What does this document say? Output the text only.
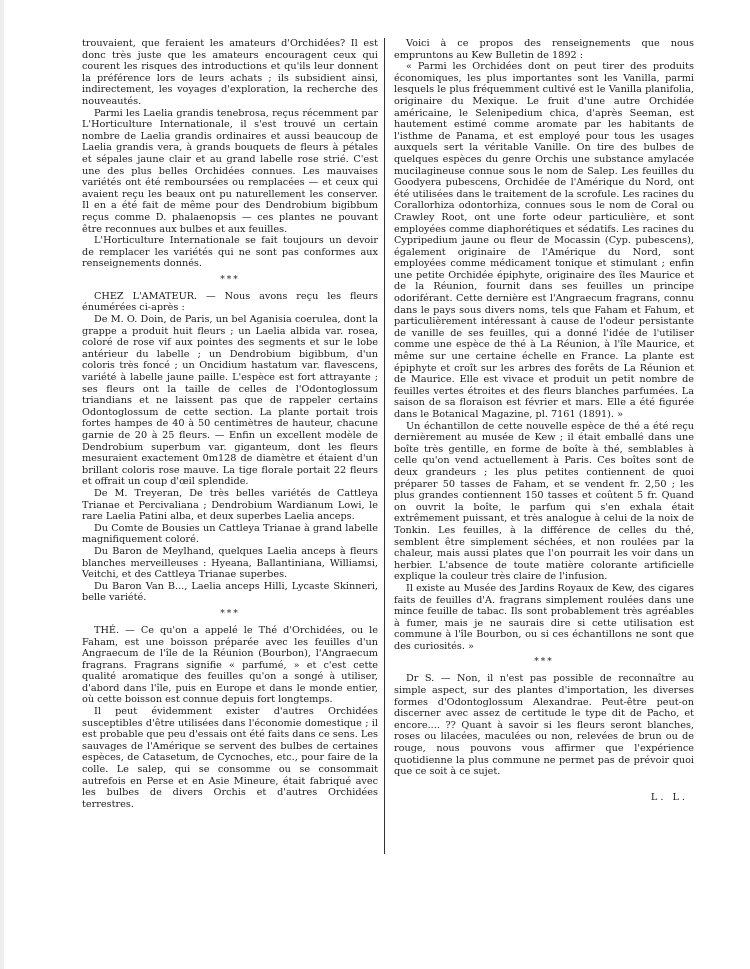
trouvaient, que feraient les amateurs d'Orchidées? Il est donc très juste que les amateurs encouragent ceux qui courent les risques des introductions et qu'ils leur donnent la préférence lors de leurs achats ; ils subsidient ainsi, indirectement, les voyages d'exploration, la recherche des nouveautés.

Parmi les Laelia grandis tenebrosa, reçus récemment par L'Horticulture Internationale, il s'est trouvé un certain nombre de Laelia grandis ordinaires et aussi beaucoup de Laelia grandis vera, à grands bouquets de fleurs à pétales et sépales jaune clair et au grand labelle rose strié. C'est une des plus belles Orchidées connues. Les mauvaises variétés ont été remboursées ou remplacées — et ceux qui avaient reçu les beaux ont pu naturellement les conserver. Il en a été fait de même pour des Dendrobium bigibbum reçus comme D. phalaenopsis — ces plantes ne pouvant être reconnues aux bulbes et aux feuilles.

L'Horticulture Internationale se fait toujours un devoir de remplacer les variétés qui ne sont pas conformes aux renseignements donnés.

***

CHEZ L'AMATEUR. — Nous avons reçu les fleurs énumérées ci-après :

De M. O. Doin, de Paris, un bel Aganisia coerulea, dont la grappe a produit huit fleurs ; un Laelia albida var. rosea, coloré de rose vif aux pointes des segments et sur le lobe antérieur du labelle ; un Dendrobium bigibbum, d'un coloris très foncé ; un Oncidium hastatum var. flavescens, variété à labelle jaune paille. L'espèce est fort attrayante ; ses fleurs ont la taille de celles de l'Odontoglossum triandians et ne laissent pas que de rappeler certains Odontoglossum de cette section. La plante portait trois fortes hampes de 40 à 50 centimètres de hauteur, chacune garnie de 20 à 25 fleurs. — Enfin un excellent modèle de Dendrobium superbum var. giganteum, dont les fleurs mesuraient exactement 0m128 de diamètre et étaient d'un brillant coloris rose mauve. La tige florale portait 22 fleurs et offrait un coup d'œil splendide.

De M. Treyeran, De très belles variétés de Cattleya Trianae et Percivaliana ; Dendrobium Wardianum Lowi, le rare Laelia Patini alba, et deux superbes Laelia anceps.

Du Comte de Bousies un Cattleya Trianae à grand labelle magnifiquement coloré.

Du Baron de Meylhand, quelques Laelia anceps à fleurs blanches merveilleuses : Hyeana, Ballantiniana, Williamsi, Veitchi, et des Cattleya Trianae superbes.

Du Baron Van B..., Laelia anceps Hilli, Lycaste Skinneri, belle variété.

***

THÉ. — Ce qu'on a appelé le Thé d'Orchidées, ou le Faham, est une boisson préparée avec les feuilles d'un Angraecum de l'île de la Réunion (Bourbon), l'Angraecum fragrans. Fragrans signifie « parfumé, » et c'est cette qualité aromatique des feuilles qu'on a songé à utiliser, d'abord dans l'île, puis en Europe et dans le monde entier, où cette boisson est connue depuis fort longtemps.

Il peut évidemment exister d'autres Orchidées susceptibles d'être utilisées dans l'économie domestique ; il est probable que peu d'essais ont été faits dans ce sens. Les sauvages de l'Amérique se servent des bulbes de certaines espèces, de Catasetum, de Cycnoches, etc., pour faire de la colle. Le salep, qui se consomme ou se consommait autrefois en Perse et en Asie Mineure, était fabriqué avec les bulbes de divers Orchis et d'autres Orchidées terrestres.

Voici à ce propos des renseignements que nous empruntons au Kew Bulletin de 1892 :

« Parmi les Orchidées dont on peut tirer des produits économiques, les plus importantes sont les Vanilla, parmi lesquels le plus fréquemment cultivé est le Vanilla planifolia, originaire du Mexique. Le fruit d'une autre Orchidée américaine, le Selenipedium chica, d'après Seeman, est hautement estimé comme aromate par les habitants de l'isthme de Panama, et est employé pour tous les usages auxquels sert la véritable Vanille. On tire des bulbes de quelques espèces du genre Orchis une substance amylacée mucilagineuse connue sous le nom de Salep. Les feuilles du Goodyera pubescens, Orchidée de l'Amérique du Nord, ont été utilisées dans le traitement de la scrofule. Les racines du Corallorhiza odontorhiza, connues sous le nom de Coral ou Crawley Root, ont une forte odeur particulière, et sont employées comme diaphorétiques et sédatifs. Les racines du Cypripedium jaune ou fleur de Mocassin (Cyp. pubescens), également originaire de l'Amérique du Nord, sont employées comme médicament tonique et stimulant ; enfin une petite Orchidée épiphyte, originaire des îles Maurice et de la Réunion, fournit dans ses feuilles un principe odoriférant. Cette dernière est l'Angraecum fragrans, connu dans le pays sous divers noms, tels que Faham et Fahum, et particulièrement intéressant à cause de l'odeur persistante de vanille de ses feuilles, qui a donné l'idée de l'utiliser comme une espèce de thé à La Réunion, à l'île Maurice, et même sur une certaine échelle en France. La plante est épiphyte et croît sur les arbres des forêts de La Réunion et de Maurice. Elle est vivace et produit un petit nombre de feuilles vertes étroites et des fleurs blanches parfumées. La saison de sa floraison est février et mars. Elle a été figurée dans le Botanical Magazine, pl. 7161 (1891). »

Un échantillon de cette nouvelle espèce de thé a été reçu dernièrement au musée de Kew ; il était emballé dans une boîte très gentille, en forme de boîte à thé, semblables à celle qu'on vend actuellement à Paris. Ces boîtes sont de deux grandeurs ; les plus petites contiennent de quoi préparer 50 tasses de Faham, et se vendent fr. 2,50 ; les plus grandes contiennent 150 tasses et coûtent 5 fr. Quand on ouvrit la boîte, le parfum qui s'en exhala était extrêmement puissant, et très analogue à celui de la noix de Tonkin. Les feuilles, à la différence de celles du thé, semblent être simplement séchées, et non roulées par la chaleur, mais aussi plates que l'on pourrait les voir dans un herbier. L'absence de toute matière colorante artificielle explique la couleur très claire de l'infusion.

Il existe au Musée des Jardins Royaux de Kew, des cigares faits de feuilles d'A. fragrans simplement roulées dans une mince feuille de tabac. Ils sont probablement très agréables à fumer, mais je ne saurais dire si cette utilisation est commune à l'île Bourbon, ou si ces échantillons ne sont que des curiosités. »

***

Dr S. — Non, il n'est pas possible de reconnaître au simple aspect, sur des plantes d'importation, les diverses formes d'Odontoglossum Alexandrae. Peut-être peut-on discerner avec assez de certitude le type dit de Pacho, et encore.... ?? Quant à savoir si les fleurs seront blanches, roses ou lilacées, maculées ou non, relevées de brun ou de rouge, nous pouvons vous affirmer que l'expérience quotidienne la plus commune ne permet pas de prévoir quoi que ce soit à ce sujet.

L. L.
